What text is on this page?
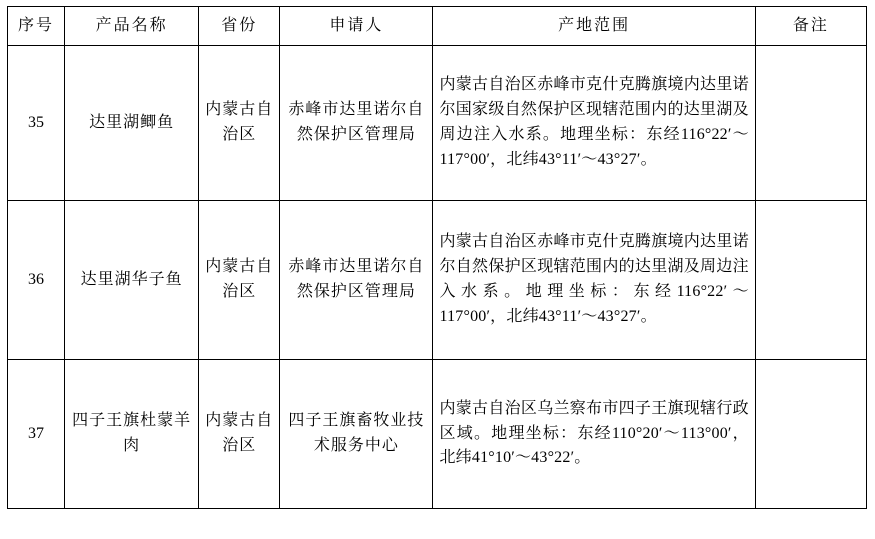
序号	产品名称	省份	申请人	产地范围	备注
35	达里湖鲫鱼	内蒙古自治区	赤峰市达里诺尔自然保护区管理局	内蒙古自治区赤峰市克什克腾旗境内达里诺尔国家级自然保护区现辖范围内的达里湖及周边注入水系。地理坐标：东经116°22′～117°00′，北纬43°11′～43°27′。	
36	达里湖华子鱼	内蒙古自治区	赤峰市达里诺尔自然保护区管理局	内蒙古自治区赤峰市克什克腾旗境内达里诺尔自然保护区现辖范围内的达里湖及周边注入水系。地理坐标：东经116°22′～117°00′，北纬43°11′～43°27′。	
37	四子王旗杜蒙羊肉	内蒙古自治区	四子王旗畜牧业技术服务中心	内蒙古自治区乌兰察布市四子王旗现辖行政区域。地理坐标：东经110°20′～113°00′，北纬41°10′～43°22′。	
